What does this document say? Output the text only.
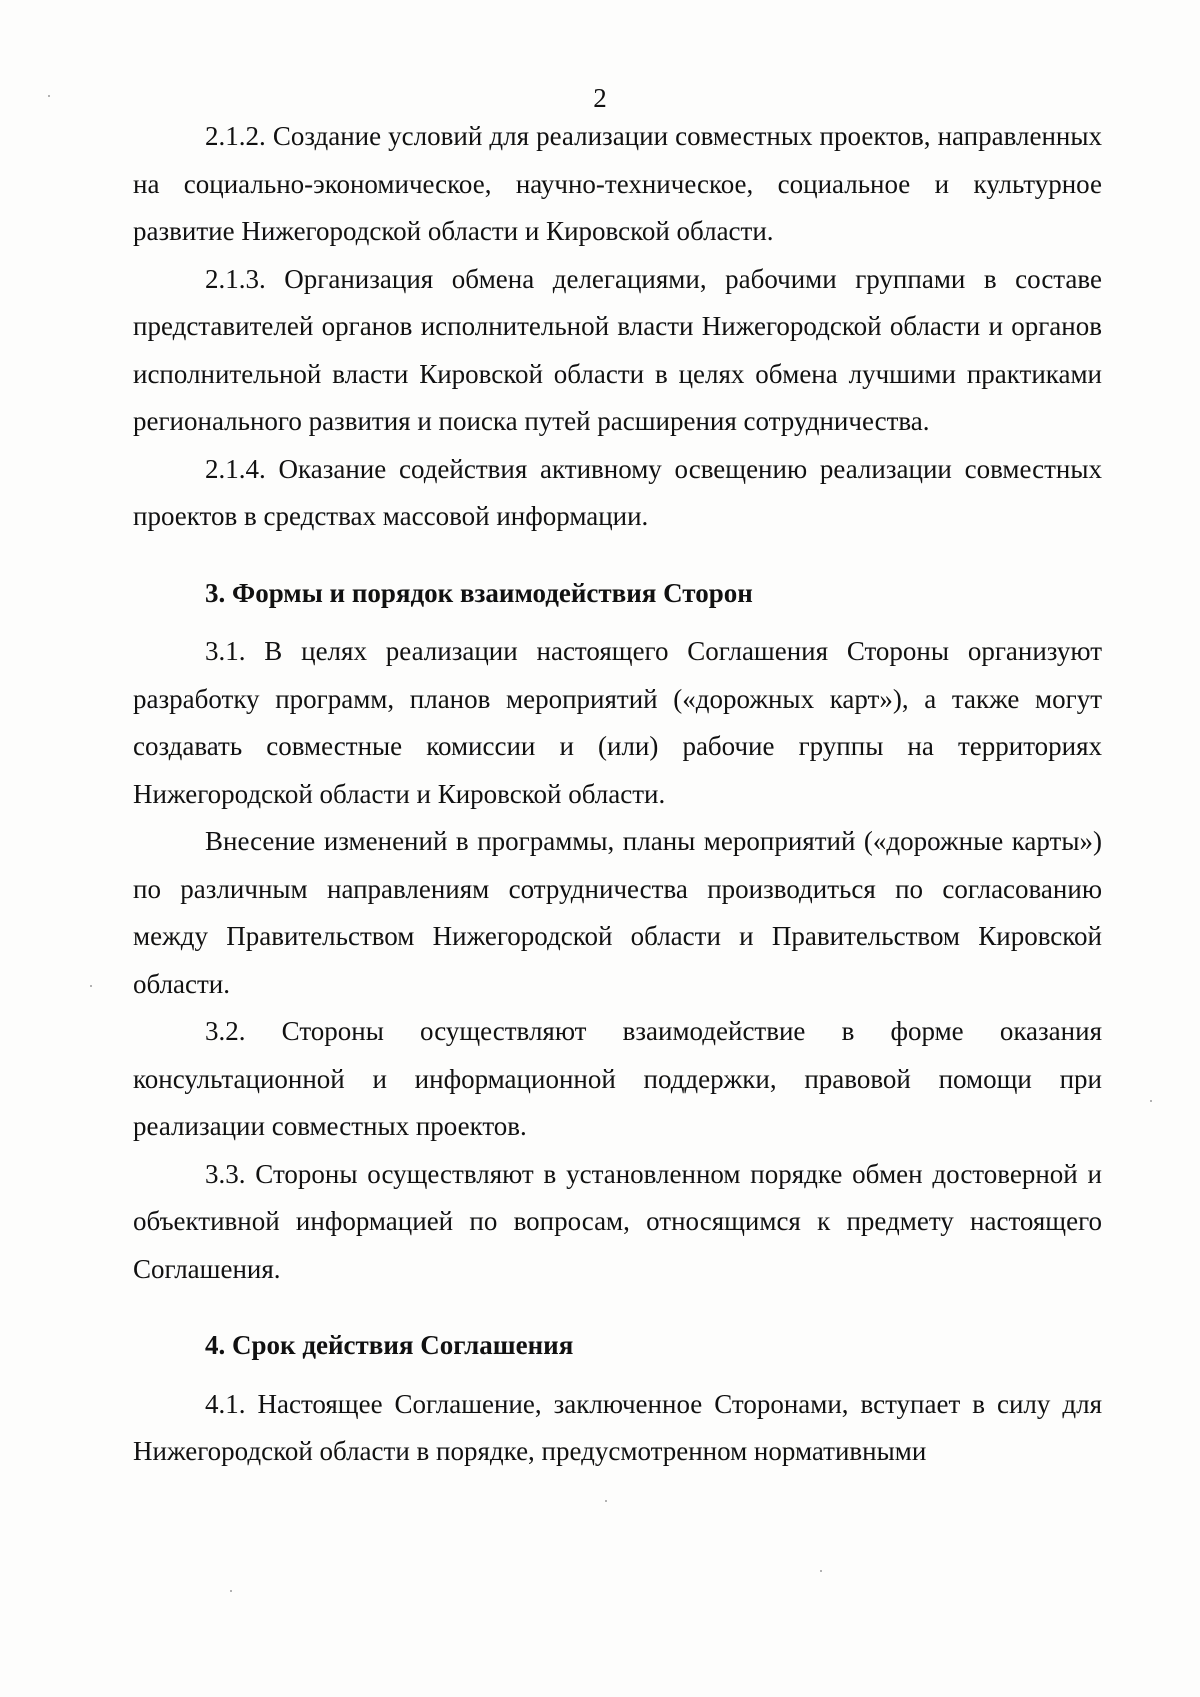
2

2.1.2. Создание условий для реализации совместных проектов, направленных на социально-экономическое, научно-техническое, социальное и культурное развитие Нижегородской области и Кировской области.

2.1.3. Организация обмена делегациями, рабочими группами в составе представителей органов исполнительной власти Нижегородской области и органов исполнительной власти Кировской области в целях обмена лучшими практиками регионального развития и поиска путей расширения сотрудничества.

2.1.4. Оказание содействия активному освещению реализации совместных проектов в средствах массовой информации.

3. Формы и порядок взаимодействия Сторон

3.1. В целях реализации настоящего Соглашения Стороны организуют разработку программ, планов мероприятий («дорожных карт»), а также могут создавать совместные комиссии и (или) рабочие группы на территориях Нижегородской области и Кировской области.

Внесение изменений в программы, планы мероприятий («дорожные карты») по различным направлениям сотрудничества производиться по согласованию между Правительством Нижегородской области и Правительством Кировской области.

3.2. Стороны осуществляют взаимодействие в форме оказания консультационной и информационной поддержки, правовой помощи при реализации совместных проектов.

3.3. Стороны осуществляют в установленном порядке обмен достоверной и объективной информацией по вопросам, относящимся к предмету настоящего Соглашения.

4. Срок действия Соглашения

4.1. Настоящее Соглашение, заключенное Сторонами, вступает в силу для Нижегородской области в порядке, предусмотренном нормативными
